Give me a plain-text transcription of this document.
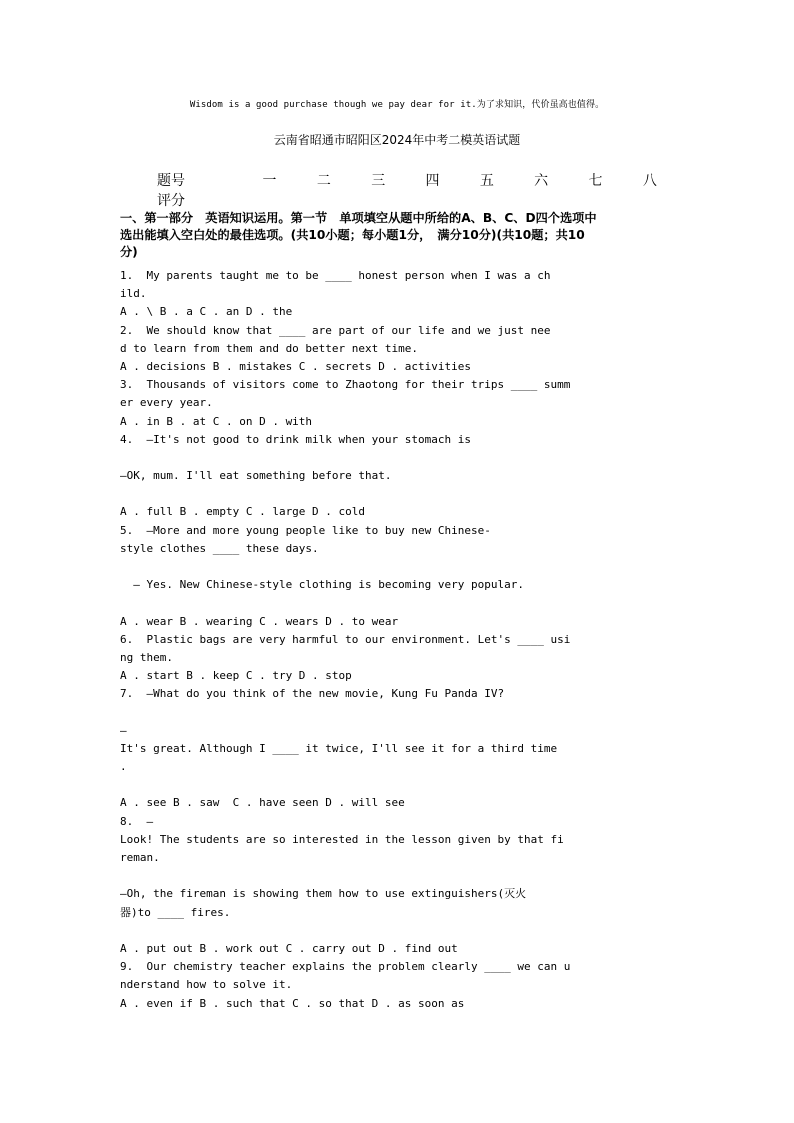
Wisdom is a good purchase though we pay dear for it.为了求知识，代价虽高也值得。
云南省昭通市昭阳区2024年中考二模英语试题
题号	一	二	三	四	五	六	七	八
评分
一、第一部分　英语知识运用。第一节　单项填空从题中所给的A、B、C、D四个选项中
选出能填入空白处的最佳选项。(共10小题；每小题1分，　满分10分)(共10题；共10
分)
1.  My parents taught me to be ____ honest person when I was a ch
ild.
A . \ B . a C . an D . the
2.  We should know that ____ are part of our life and we just nee
d to learn from them and do better next time.
A . decisions B . mistakes C . secrets D . activities
3.  Thousands of visitors come to Zhaotong for their trips ____ summ
er every year.
A . in B . at C . on D . with
4.  —It's not good to drink milk when your stomach is
—OK, mum. I'll eat something before that.
A . full B . empty C . large D . cold
5.  —More and more young people like to buy new Chinese-
style clothes ____ these days.
— Yes. New Chinese-style clothing is becoming very popular.
A . wear B . wearing C . wears D . to wear
6.  Plastic bags are very harmful to our environment. Let's ____ usi
ng them.
A . start B . keep C . try D . stop
7.  —What do you think of the new movie, Kung Fu Panda IV?
—
It's great. Although I ____ it twice, I'll see it for a third time
.
A . see B . saw  C . have seen D . will see
8.  —
Look! The students are so interested in the lesson given by that fi
reman.
—Oh, the fireman is showing them how to use extinguishers(灭火
器)to ____ fires.
A . put out B . work out C . carry out D . find out
9.  Our chemistry teacher explains the problem clearly ____ we can u
nderstand how to solve it.
A . even if B . such that C . so that D . as soon as
